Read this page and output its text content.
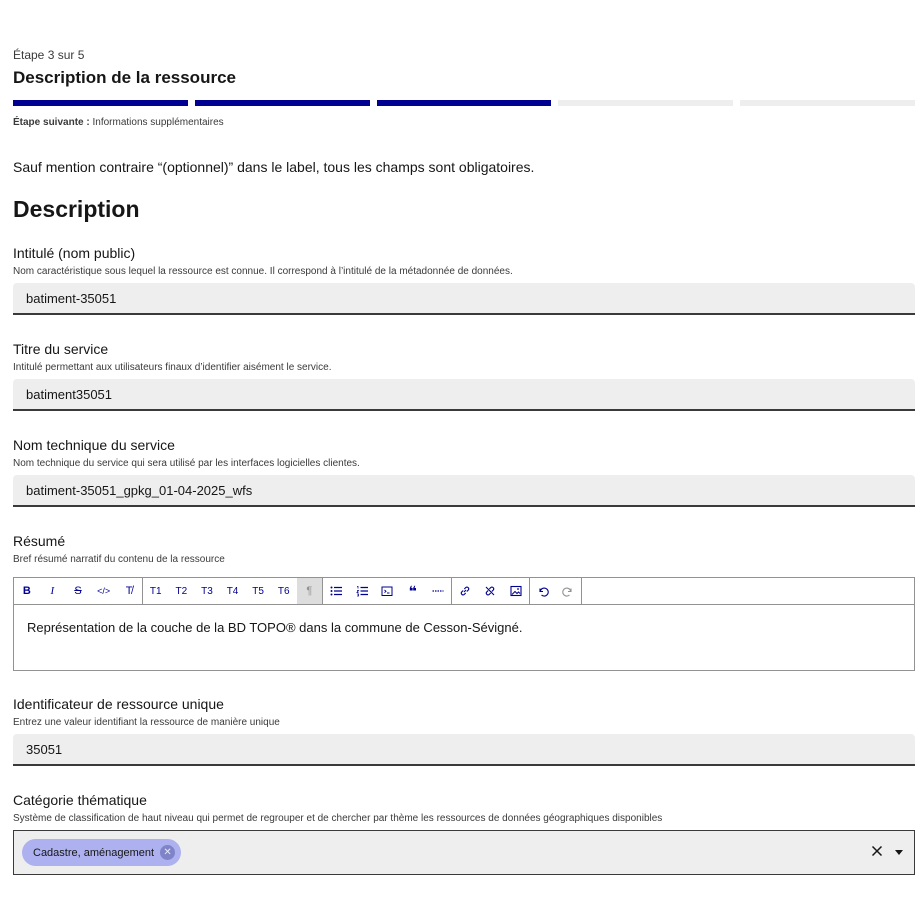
Étape 3 sur 5
Description de la ressource
Étape suivante : Informations supplémentaires
Sauf mention contraire “(optionnel)” dans le label, tous les champs sont obligatoires.
Description
Intitulé (nom public)
Nom caractéristique sous lequel la ressource est connue. Il correspond à l’intitulé de la métadonnée de données.
batiment-35051
Titre du service
Intitulé permettant aux utilisateurs finaux d’identifier aisément le service.
batiment35051
Nom technique du service
Nom technique du service qui sera utilisé par les interfaces logicielles clientes.
batiment-35051_gpkg_01-04-2025_wfs
Résumé
Bref résumé narratif du contenu de la ressource
B	I	S	</>	T̸	T1	T2	T3	T4	T5	T6	¶	❝
Représentation de la couche de la BD TOPO® dans la commune de Cesson-Sévigné.
Identificateur de ressource unique
Entrez une valeur identifiant la ressource de manière unique
35051
Catégorie thématique
Système de classification de haut niveau qui permet de regrouper et de chercher par thème les ressources de données géographiques disponibles
Cadastre, aménagement ✕
